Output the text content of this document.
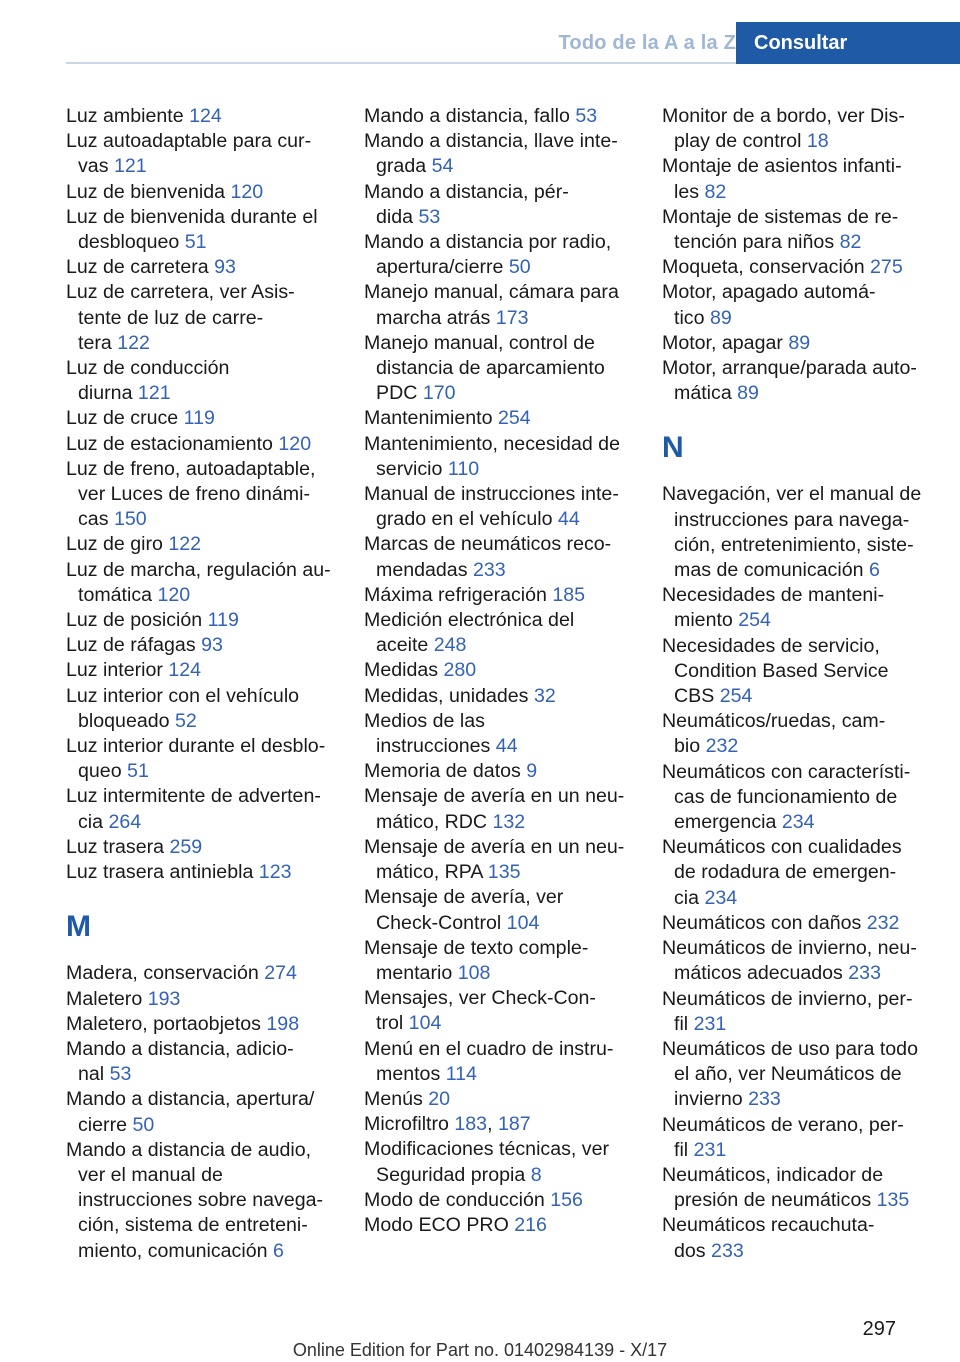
Todo de la A a la Z Consultar
Luz ambiente 124
Luz autoadaptable para cur‐
vas 121
Luz de bienvenida 120
Luz de bienvenida durante el
desbloqueo 51
Luz de carretera 93
Luz de carretera, ver Asis‐
tente de luz de carre‐
tera 122
Luz de conducción
diurna 121
Luz de cruce 119
Luz de estacionamiento 120
Luz de freno, autoadaptable,
ver Luces de freno dinámi‐
cas 150
Luz de giro 122
Luz de marcha, regulación au‐
tomática 120
Luz de posición 119
Luz de ráfagas 93
Luz interior 124
Luz interior con el vehículo
bloqueado 52
Luz interior durante el desblo‐
queo 51
Luz intermitente de adverten‐
cia 264
Luz trasera 259
Luz trasera antiniebla 123
M
Madera, conservación 274
Maletero 193
Maletero, portaobjetos 198
Mando a distancia, adicio‐
nal 53
Mando a distancia, apertura/
cierre 50
Mando a distancia de audio,
ver el manual de
instrucciones sobre navega‐
ción, sistema de entreteni‐
miento, comunicación 6
Mando a distancia, fallo 53
Mando a distancia, llave inte‐
grada 54
Mando a distancia, pér‐
dida 53
Mando a distancia por radio,
apertura/cierre 50
Manejo manual, cámara para
marcha atrás 173
Manejo manual, control de
distancia de aparcamiento
PDC 170
Mantenimiento 254
Mantenimiento, necesidad de
servicio 110
Manual de instrucciones inte‐
grado en el vehículo 44
Marcas de neumáticos reco‐
mendadas 233
Máxima refrigeración 185
Medición electrónica del
aceite 248
Medidas 280
Medidas, unidades 32
Medios de las
instrucciones 44
Memoria de datos 9
Mensaje de avería en un neu‐
mático, RDC 132
Mensaje de avería en un neu‐
mático, RPA 135
Mensaje de avería, ver
Check-Control 104
Mensaje de texto comple‐
mentario 108
Mensajes, ver Check-Con‐
trol 104
Menú en el cuadro de instru‐
mentos 114
Menús 20
Microfiltro 183, 187
Modificaciones técnicas, ver
Seguridad propia 8
Modo de conducción 156
Modo ECO PRO 216
Monitor de a bordo, ver Dis‐
play de control 18
Montaje de asientos infanti‐
les 82
Montaje de sistemas de re‐
tención para niños 82
Moqueta, conservación 275
Motor, apagado automá‐
tico 89
Motor, apagar 89
Motor, arranque/parada auto‐
mática 89
N
Navegación, ver el manual de
instrucciones para navega‐
ción, entretenimiento, siste‐
mas de comunicación 6
Necesidades de manteni‐
miento 254
Necesidades de servicio,
Condition Based Service
CBS 254
Neumáticos/ruedas, cam‐
bio 232
Neumáticos con característi‐
cas de funcionamiento de
emergencia 234
Neumáticos con cualidades
de rodadura de emergen‐
cia 234
Neumáticos con daños 232
Neumáticos de invierno, neu‐
máticos adecuados 233
Neumáticos de invierno, per‐
fil 231
Neumáticos de uso para todo
el año, ver Neumáticos de
invierno 233
Neumáticos de verano, per‐
fil 231
Neumáticos, indicador de
presión de neumáticos 135
Neumáticos recauchuta‐
dos 233
297
Online Edition for Part no. 01402984139 - X/17
